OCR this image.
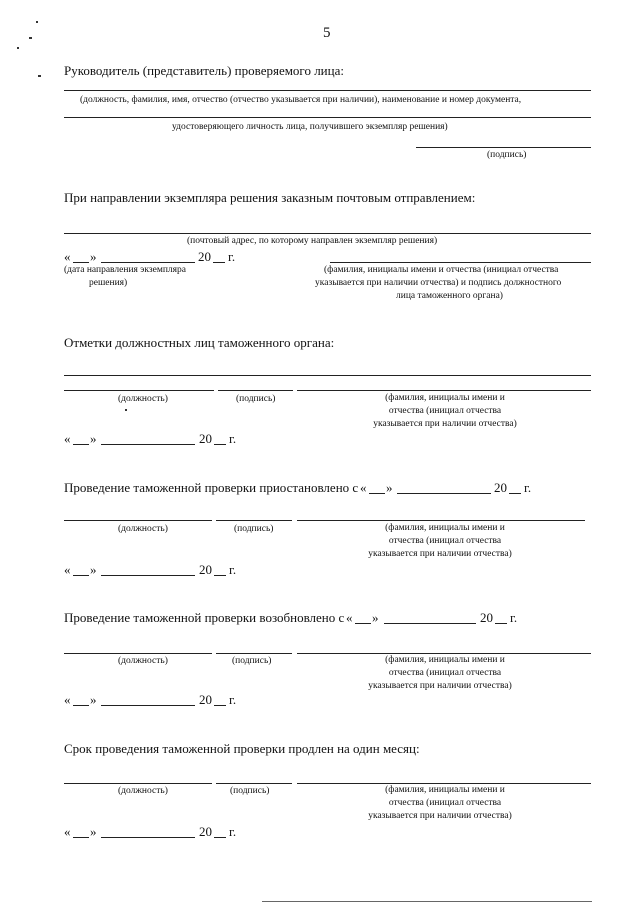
5
Руководитель (представитель) проверяемого лица:
(должность, фамилия, имя, отчество (отчество указывается при наличии), наименование и номер документа,
удостоверяющего личность лица, получившего экземпляр решения)
(подпись)
При направлении экземпляра решения заказным почтовым отправлением:
(почтовый адрес, по которому направлен экземпляр решения)
« »	20 г.
(дата направления экземпляра
решения)
(фамилия, инициалы имени и отчества (инициал отчества
указывается при наличии отчества) и подпись должностного
лица таможенного органа)
Отметки должностных лиц таможенного органа:
(должность)	(подпись)	(фамилия, инициалы имени и
отчества (инициал отчества
указывается при наличии отчества)
« »	20 г.
Проведение таможенной проверки приостановлено с « »	20 г.
(должность)	(подпись)	(фамилия, инициалы имени и
отчества (инициал отчества
указывается при наличии отчества)
« »	20 г.
Проведение таможенной проверки возобновлено с « »	20 г.
(должность)	(подпись)	(фамилия, инициалы имени и
отчества (инициал отчества
указывается при наличии отчества)
« »	20 г.
Срок проведения таможенной проверки продлен на один месяц:
(должность)	(подпись)	(фамилия, инициалы имени и
отчества (инициал отчества
указывается при наличии отчества)
« »	20 г.
